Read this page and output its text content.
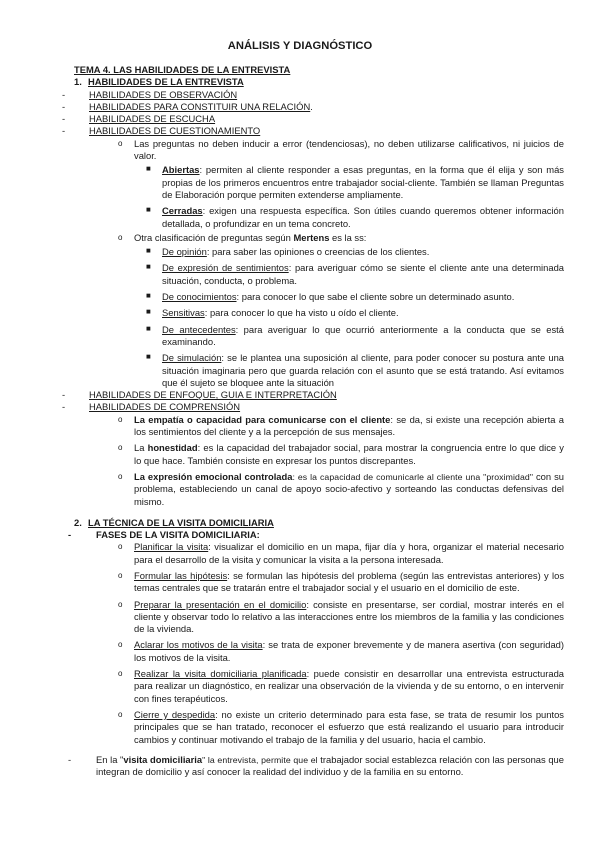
ANÁLISIS Y DIAGNÓSTICO
TEMA 4. LAS HABILIDADES DE LA ENTREVISTA
1. HABILIDADES DE LA ENTREVISTA
-	HABILIDADES DE OBSERVACIÓN
-	HABILIDADES PARA CONSTITUIR UNA RELACIÓN.
-	HABILIDADES DE ESCUCHA
-	HABILIDADES DE CUESTIONAMIENTO
o Las preguntas no deben inducir a error (tendenciosas), no deben utilizarse calificativos, ni juicios de valor.
■ Abiertas: permiten al cliente responder a esas preguntas, en la forma que él elija y son más propias de los primeros encuentros entre trabajador social-cliente. También se llaman Preguntas de Elaboración porque permiten extenderse ampliamente.
■ Cerradas: exigen una respuesta específica. Son útiles cuando queremos obtener información detallada, o profundizar en un tema concreto.
o Otra clasificación de preguntas según Mertens es la ss:
■ De opinión: para saber las opiniones o creencias de los clientes.
■ De expresión de sentimientos: para averiguar cómo se siente el cliente ante una determinada situación, conducta, o problema.
■ De conocimientos: para conocer lo que sabe el cliente sobre un determinado asunto.
■ Sensitivas: para conocer lo que ha visto u oído el cliente.
■ De antecedentes: para averiguar lo que ocurrió anteriormente a la conducta que se está examinando.
■ De simulación: se le plantea una suposición al cliente, para poder conocer su postura ante una situación imaginaria pero que guarda relación con el asunto que se está tratando. Así evitamos que él sujeto se bloquee ante la situación
-	HABILIDADES DE ENFOQUE, GUIA E INTERPRETACIÓN
-	HABILIDADES DE COMPRENSIÓN
o La empatía o capacidad para comunicarse con el cliente: se da, si existe una recepción abierta a los sentimientos del cliente y a la percepción de sus mensajes.
o La honestidad: es la capacidad del trabajador social, para mostrar la congruencia entre lo que dice y lo que hace. También consiste en expresar los puntos discrepantes.
o La expresión emocional controlada: es la capacidad de comunicarle al cliente una "proximidad" con su problema, estableciendo un canal de apoyo socio-afectivo y sorteando las conductas defensivas del mismo.
2. LA TÉCNICA DE LA VISITA DOMICILIARIA
-	FASES DE LA VISITA DOMICILIARIA:
o Planificar la visita: visualizar el domicilio en un mapa, fijar día y hora, organizar el material necesario para el desarrollo de la visita y comunicar la visita a la persona interesada.
o Formular las hipótesis: se formulan las hipótesis del problema (según las entrevistas anteriores) y los temas centrales que se tratarán entre el trabajador social y el usuario en el domicilio de este.
o Preparar la presentación en el domicilio: consiste en presentarse, ser cordial, mostrar interés en el cliente y observar todo lo relativo a las interacciones entre los miembros de la familia y las condiciones de la vivienda.
o Aclarar los motivos de la visita: se trata de exponer brevemente y de manera asertiva (con seguridad) los motivos de la visita.
o Realizar la visita domiciliaria planificada: puede consistir en desarrollar una entrevista estructurada para realizar un diagnóstico, en realizar una observación de la vivienda y de su entorno, o en intervenir con fines terapéuticos.
o Cierre y despedida: no existe un criterio determinado para esta fase, se trata de resumir los puntos principales que se han tratado, reconocer el esfuerzo que está realizando el usuario para introducir cambios y continuar motivando el trabajo de la familia y del usuario, hacia el cambio.
-	En la "visita domiciliaria" la entrevista, permite que el trabajador social establezca relación con las personas que integran de domicilio y así conocer la realidad del individuo y de la familia en su entorno.
